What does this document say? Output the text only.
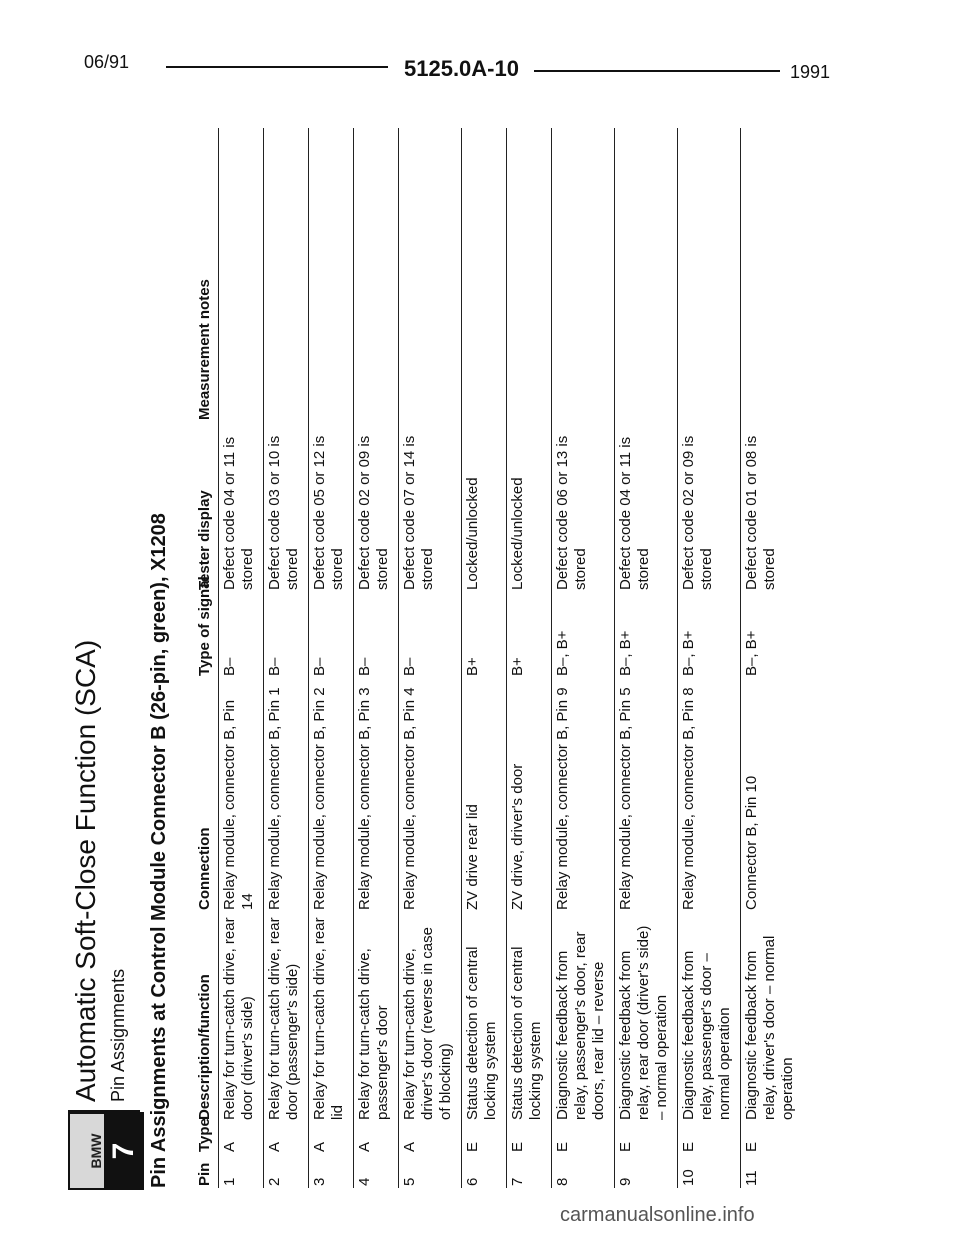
06/91	5125.0A-10	1991
BMW 7
Automatic Soft-Close Function (SCA) Pin Assignments Pin Assignments at Control Module Connector B (26-pin, green), X1208 Pin	Type	Description/function	Connection	Type of signal	Tester display	Measurement notes
1	A	Relay for turn-catch drive, rear door (driver's side)	Relay module, connector B, Pin 14	B–	Defect code 04 or 11 is stored	
2	A	Relay for turn-catch drive, rear door (passenger's side)	Relay module, connector B, Pin 1	B–	Defect code 03 or 10 is stored	
3	A	Relay for turn-catch drive, rear lid	Relay module, connector B, Pin 2	B–	Defect code 05 or 12 is stored	
4	A	Relay for turn-catch drive, passenger's door	Relay module, connector B, Pin 3	B–	Defect code 02 or 09 is stored	
5	A	Relay for turn-catch drive, driver's door (reverse in case of blocking)	Relay module, connector B, Pin 4	B–	Defect code 07 or 14 is stored	
6	E	Status detection of central locking system	ZV drive rear lid	B+	Locked/unlocked	
7	E	Status detection of central locking system	ZV drive, driver's door	B+	Locked/unlocked	
8	E	Diagnostic feedback from relay, passenger's door, rear doors, rear lid – reverse	Relay module, connector B, Pin 9	B–, B+	Defect code 06 or 13 is stored	
9	E	Diagnostic feedback from relay, rear door (driver's side) – normal operation	Relay module, connector B, Pin 5	B–, B+	Defect code 04 or 11 is stored	
10	E	Diagnostic feedback from relay, passenger's door – normal operation	Relay module, connector B, Pin 8	B–, B+	Defect code 02 or 09 is stored	
11	E	Diagnostic feedback from relay, driver's door – normal operation	Connector B, Pin 10	B–, B+	Defect code 01 or 08 is stored	
carmanualsonline.info
